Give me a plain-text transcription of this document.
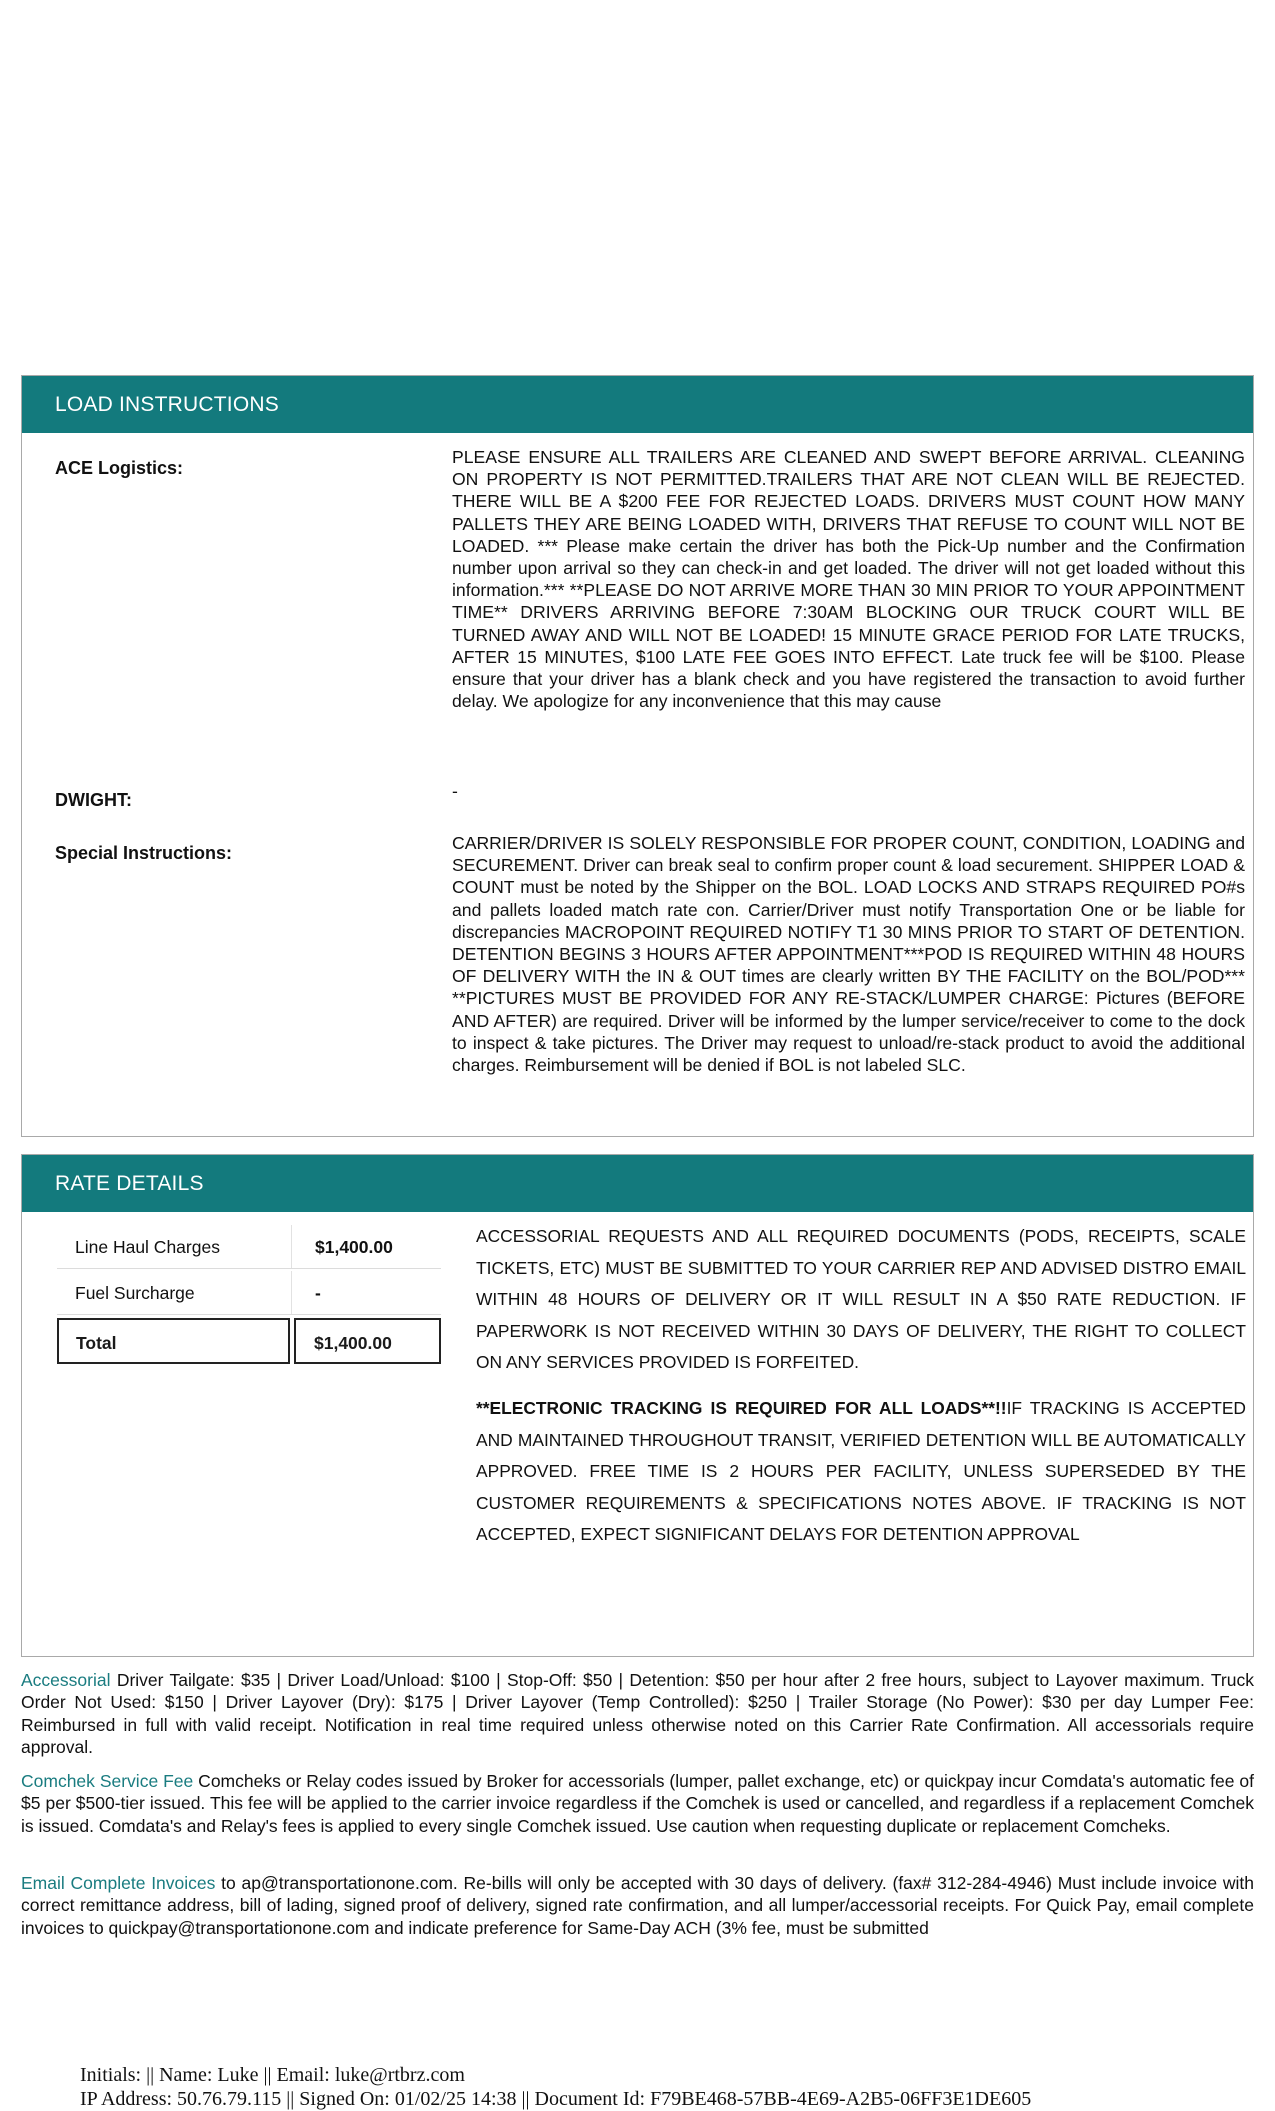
LOAD INSTRUCTIONS
ACE Logistics:
PLEASE ENSURE ALL TRAILERS ARE CLEANED AND SWEPT BEFORE ARRIVAL. CLEANING ON PROPERTY IS NOT PERMITTED.TRAILERS THAT ARE NOT CLEAN WILL BE REJECTED. THERE WILL BE A $200 FEE FOR REJECTED LOADS. DRIVERS MUST COUNT HOW MANY PALLETS THEY ARE BEING LOADED WITH, DRIVERS THAT REFUSE TO COUNT WILL NOT BE LOADED. *** Please make certain the driver has both the Pick-Up number and the Confirmation number upon arrival so they can check-in and get loaded. The driver will not get loaded without this information.*** **PLEASE DO NOT ARRIVE MORE THAN 30 MIN PRIOR TO YOUR APPOINTMENT TIME** DRIVERS ARRIVING BEFORE 7:30AM BLOCKING OUR TRUCK COURT WILL BE TURNED AWAY AND WILL NOT BE LOADED! 15 MINUTE GRACE PERIOD FOR LATE TRUCKS, AFTER 15 MINUTES, $100 LATE FEE GOES INTO EFFECT. Late truck fee will be $100. Please ensure that your driver has a blank check and you have registered the transaction to avoid further delay. We apologize for any inconvenience that this may cause
DWIGHT:	-
Special Instructions:	CARRIER/DRIVER IS SOLELY RESPONSIBLE FOR PROPER COUNT, CONDITION, LOADING and SECUREMENT. Driver can break seal to confirm proper count & load securement. SHIPPER LOAD & COUNT must be noted by the Shipper on the BOL. LOAD LOCKS AND STRAPS REQUIRED PO#s and pallets loaded match rate con. Carrier/Driver must notify Transportation One or be liable for discrepancies MACROPOINT REQUIRED NOTIFY T1 30 MINS PRIOR TO START OF DETENTION. DETENTION BEGINS 3 HOURS AFTER APPOINTMENT***POD IS REQUIRED WITHIN 48 HOURS OF DELIVERY WITH the IN & OUT times are clearly written BY THE FACILITY on the BOL/POD*** **PICTURES MUST BE PROVIDED FOR ANY RE-STACK/LUMPER CHARGE: Pictures (BEFORE AND AFTER) are required. Driver will be informed by the lumper service/receiver to come to the dock to inspect & take pictures. The Driver may request to unload/re-stack product to avoid the additional charges. Reimbursement will be denied if BOL is not labeled SLC.
RATE DETAILS
Line Haul Charges	$1,400.00
Fuel Surcharge	-
Total	$1,400.00

ACCESSORIAL REQUESTS AND ALL REQUIRED DOCUMENTS (PODS, RECEIPTS, SCALE TICKETS, ETC) MUST BE SUBMITTED TO YOUR CARRIER REP AND ADVISED DISTRO EMAIL WITHIN 48 HOURS OF DELIVERY OR IT WILL RESULT IN A $50 RATE REDUCTION. IF PAPERWORK IS NOT RECEIVED WITHIN 30 DAYS OF DELIVERY, THE RIGHT TO COLLECT ON ANY SERVICES PROVIDED IS FORFEITED.

**ELECTRONIC TRACKING IS REQUIRED FOR ALL LOADS**!!IF TRACKING IS ACCEPTED AND MAINTAINED THROUGHOUT TRANSIT, VERIFIED DETENTION WILL BE AUTOMATICALLY APPROVED. FREE TIME IS 2 HOURS PER FACILITY, UNLESS SUPERSEDED BY THE CUSTOMER REQUIREMENTS & SPECIFICATIONS NOTES ABOVE. IF TRACKING IS NOT ACCEPTED, EXPECT SIGNIFICANT DELAYS FOR DETENTION APPROVAL

Accessorial Driver Tailgate: $35 | Driver Load/Unload: $100 | Stop-Off: $50 | Detention: $50 per hour after 2 free hours, subject to Layover maximum. Truck Order Not Used: $150 | Driver Layover (Dry): $175 | Driver Layover (Temp Controlled): $250 | Trailer Storage (No Power): $30 per day Lumper Fee: Reimbursed in full with valid receipt. Notification in real time required unless otherwise noted on this Carrier Rate Confirmation. All accessorials require approval.

Comchek Service Fee Comcheks or Relay codes issued by Broker for accessorials (lumper, pallet exchange, etc) or quickpay incur Comdata's automatic fee of $5 per $500-tier issued. This fee will be applied to the carrier invoice regardless if the Comchek is used or cancelled, and regardless if a replacement Comchek is issued. Comdata's and Relay's fees is applied to every single Comchek issued. Use caution when requesting duplicate or replacement Comcheks.

Email Complete Invoices to ap@transportationone.com. Re-bills will only be accepted with 30 days of delivery. (fax# 312-284-4946) Must include invoice with correct remittance address, bill of lading, signed proof of delivery, signed rate confirmation, and all lumper/accessorial receipts. For Quick Pay, email complete invoices to quickpay@transportationone.com and indicate preference for Same-Day ACH (3% fee, must be submitted

Initials: || Name: Luke || Email: luke@rtbrz.com
IP Address: 50.76.79.115 || Signed On: 01/02/25 14:38 || Document Id: F79BE468-57BB-4E69-A2B5-06FF3E1DE605
